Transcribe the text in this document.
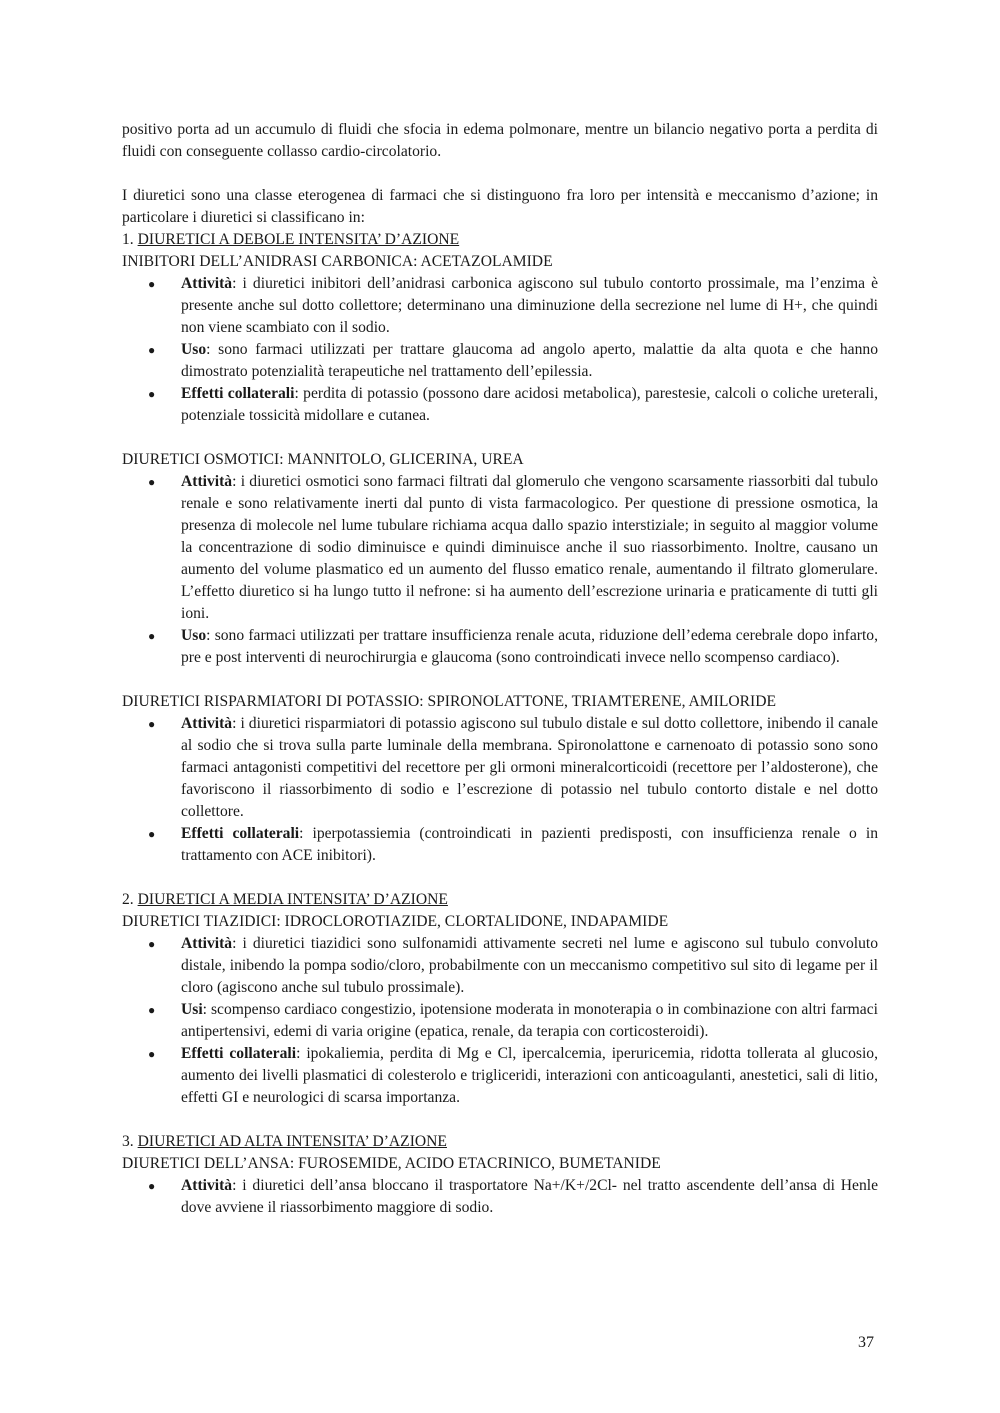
positivo porta ad un accumulo di fluidi che sfocia in edema polmonare, mentre un bilancio negativo porta a perdita di fluidi con conseguente collasso cardio-circolatorio.

I diuretici sono una classe eterogenea di farmaci che si distinguono fra loro per intensità e meccanismo d’azione; in particolare i diuretici si classificano in:

1. DIURETICI A DEBOLE INTENSITA’ D’AZIONE

INIBITORI DELL’ANIDRASI CARBONICA: ACETAZOLAMIDE

● Attività: i diuretici inibitori dell’anidrasi carbonica agiscono sul tubulo contorto prossimale, ma l’enzima è presente anche sul dotto collettore; determinano una diminuzione della secrezione nel lume di H+, che quindi non viene scambiato con il sodio.
● Uso: sono farmaci utilizzati per trattare glaucoma ad angolo aperto, malattie da alta quota e che hanno dimostrato potenzialità terapeutiche nel trattamento dell’epilessia.
● Effetti collaterali: perdita di potassio (possono dare acidosi metabolica), parestesie, calcoli o coliche ureterali, potenziale tossicità midollare e cutanea.

DIURETICI OSMOTICI: MANNITOLO, GLICERINA, UREA

● Attività: i diuretici osmotici sono farmaci filtrati dal glomerulo che vengono scarsamente riassorbiti dal tubulo renale e sono relativamente inerti dal punto di vista farmacologico. Per questione di pressione osmotica, la presenza di molecole nel lume tubulare richiama acqua dallo spazio interstiziale; in seguito al maggior volume la concentrazione di sodio diminuisce e quindi diminuisce anche il suo riassorbimento. Inoltre, causano un aumento del volume plasmatico ed un aumento del flusso ematico renale, aumentando il filtrato glomerulare. L’effetto diuretico si ha lungo tutto il nefrone: si ha aumento dell’escrezione urinaria e praticamente di tutti gli ioni.
● Uso: sono farmaci utilizzati per trattare insufficienza renale acuta, riduzione dell’edema cerebrale dopo infarto, pre e post interventi di neurochirurgia e glaucoma (sono controindicati invece nello scompenso cardiaco).

DIURETICI RISPARMIATORI DI POTASSIO: SPIRONOLATTONE, TRIAMTERENE, AMILORIDE

● Attività: i diuretici risparmiatori di potassio agiscono sul tubulo distale e sul dotto collettore, inibendo il canale al sodio che si trova sulla parte luminale della membrana. Spironolattone e carnenoato di potassio sono sono farmaci antagonisti competitivi del recettore per gli ormoni mineralcorticoidi (recettore per l’aldosterone), che favoriscono il riassorbimento di sodio e l’escrezione di potassio nel tubulo contorto distale e nel dotto collettore.
● Effetti collaterali: iperpotassiemia (controindicati in pazienti predisposti, con insufficienza renale o in trattamento con ACE inibitori).

2. DIURETICI A MEDIA INTENSITA’ D’AZIONE

DIURETICI TIAZIDICI: IDROCLOROTIAZIDE, CLORTALIDONE, INDAPAMIDE

● Attività: i diuretici tiazidici sono sulfonamidi attivamente secreti nel lume e agiscono sul tubulo convoluto distale, inibendo la pompa sodio/cloro, probabilmente con un meccanismo competitivo sul sito di legame per il cloro (agiscono anche sul tubulo prossimale).
● Usi: scompenso cardiaco congestizio, ipotensione moderata in monoterapia o in combinazione con altri farmaci antipertensivi, edemi di varia origine (epatica, renale, da terapia con corticosteroidi).
● Effetti collaterali: ipokaliemia, perdita di Mg e Cl, ipercalcemia, iperuricemia, ridotta tollerata al glucosio, aumento dei livelli plasmatici di colesterolo e trigliceridi, interazioni con anticoagulanti, anestetici, sali di litio, effetti GI e neurologici di scarsa importanza.

3. DIURETICI AD ALTA INTENSITA’ D’AZIONE

DIURETICI DELL’ANSA: FUROSEMIDE, ACIDO ETACRINICO, BUMETANIDE

● Attività: i diuretici dell’ansa bloccano il trasportatore Na+/K+/2Cl- nel tratto ascendente dell’ansa di Henle dove avviene il riassorbimento maggiore di sodio.
37
